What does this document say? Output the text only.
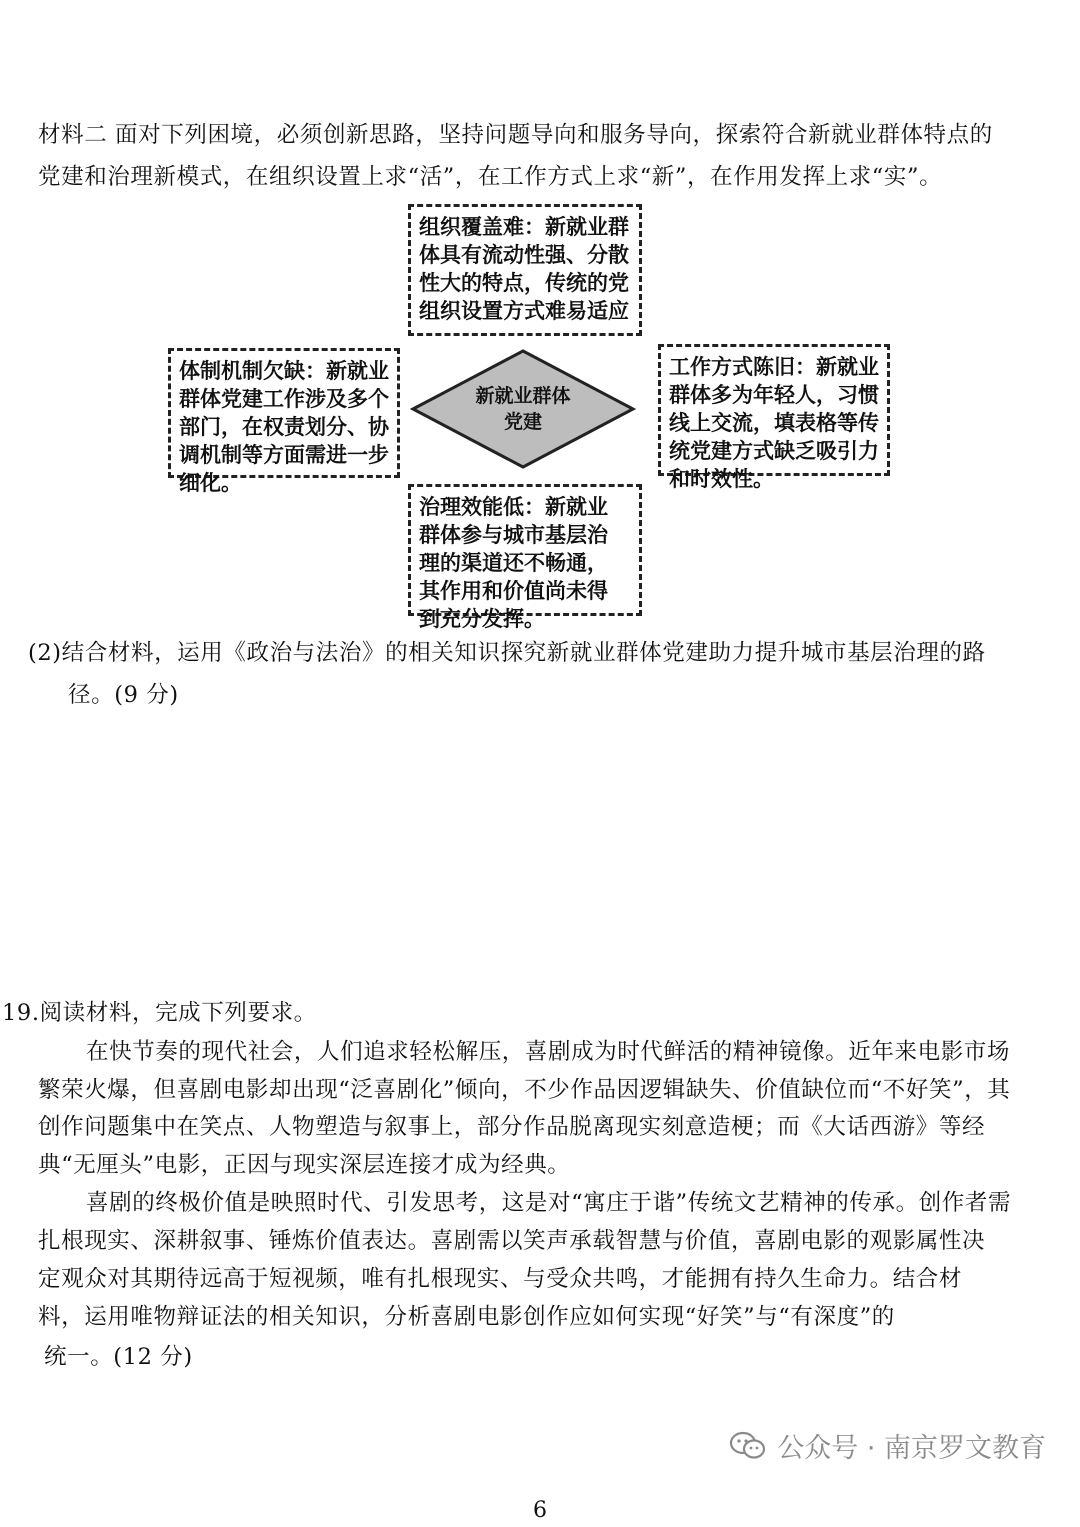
材料二 面对下列困境，必须创新思路，坚持问题导向和服务导向，探索符合新就业群体特点的
党建和治理新模式，在组织设置上求“活”，在工作方式上求“新”，在作用发挥上求“实”。
组织覆盖难：新就业群
体具有流动性强、分散
性大的特点，传统的党
组织设置方式难易适应
体制机制欠缺：新就业
群体党建工作涉及多个
部门，在权责划分、协
调机制等方面需进一步
细化。
工作方式陈旧：新就业
群体多为年轻人，习惯
线上交流，填表格等传
统党建方式缺乏吸引力
和时效性。
治理效能低：新就业
群体参与城市基层治
理的渠道还不畅通，
其作用和价值尚未得
到充分发挥。
新就业群体
党建
(2)结合材料，运用《政治与法治》的相关知识探究新就业群体党建助力提升城市基层治理的路
径。(9 分)
19.阅读材料，完成下列要求。
在快节奏的现代社会，人们追求轻松解压，喜剧成为时代鲜活的精神镜像。近年来电影市场
繁荣火爆，但喜剧电影却出现“泛喜剧化”倾向，不少作品因逻辑缺失、价值缺位而“不好笑”，其
创作问题集中在笑点、人物塑造与叙事上，部分作品脱离现实刻意造梗；而《大话西游》等经
典“无厘头”电影，正因与现实深层连接才成为经典。
喜剧的终极价值是映照时代、引发思考，这是对“寓庄于谐”传统文艺精神的传承。创作者需
扎根现实、深耕叙事、锤炼价值表达。喜剧需以笑声承载智慧与价值，喜剧电影的观影属性决
定观众对其期待远高于短视频，唯有扎根现实、与受众共鸣，才能拥有持久生命力。结合材
料，运用唯物辩证法的相关知识，分析喜剧电影创作应如何实现“好笑”与“有深度”的
统一。(12 分)
公众号 · 南京罗文教育
6
